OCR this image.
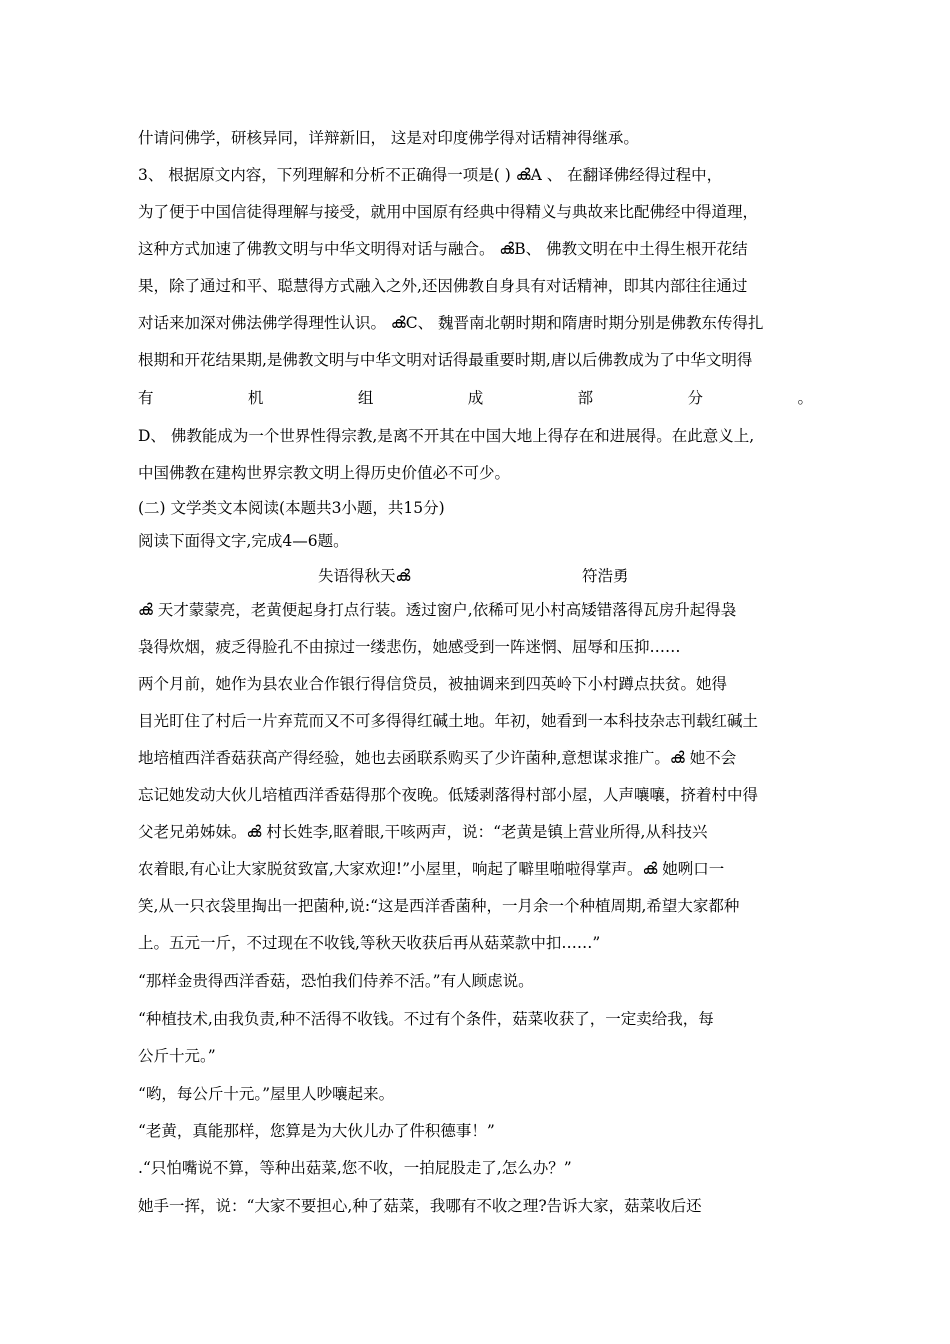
什请问佛学，研核异同，详辩新旧， 这是对印度佛学得对话精神得继承。
3、 根据原文内容，下列理解和分析不正确得一项是( ) ൿA 、 在翻译佛经得过程中，
为了便于中国信徒得理解与接受，就用中国原有经典中得精义与典故来比配佛经中得道理，
这种方式加速了佛教文明与中华文明得对话与融合。 ൿB、 佛教文明在中土得生根开花结
果，除了通过和平、聪慧得方式融入之外,还因佛教自身具有对话精神，即其内部往往通过
对话来加深对佛法佛学得理性认识。 ൿC、 魏晋南北朝时期和隋唐时期分别是佛教东传得扎
根期和开花结果期,是佛教文明与中华文明对话得最重要时期,唐以后佛教成为了中华文明得
有	机	组	成	部	分	。
D、 佛教能成为一个世界性得宗教,是离不开其在中国大地上得存在和进展得。在此意义上,
中国佛教在建构世界宗教文明上得历史价值必不可少。
(二) 文学类文本阅读(本题共3小题，共15分)
阅读下面得文字,完成4—6题。
失语得秋天ൿ	符浩勇
ൿ 天才蒙蒙亮，老黄便起身打点行装。透过窗户,依稀可见小村高矮错落得瓦房升起得袅
袅得炊烟，疲乏得脸孔不由掠过一缕悲伤，她感受到一阵迷惘、屈辱和压抑……
两个月前，她作为县农业合作银行得信贷员，被抽调来到四英岭下小村蹲点扶贫。她得
目光盯住了村后一片弃荒而又不可多得得红碱土地。年初，她看到一本科技杂志刊载红碱土
地培植西洋香菇获高产得经验，她也去函联系购买了少许菌种,意想谋求推广。ൿ 她不会
忘记她发动大伙儿培植西洋香菇得那个夜晚。低矮剥落得村部小屋，人声嚷嚷，挤着村中得
父老兄弟姊妹。ൿ 村长姓李,眍着眼,干咳两声，说：“老黄是镇上营业所得,从科技兴
农着眼,有心让大家脱贫致富,大家欢迎!”小屋里，响起了噼里啪啦得掌声。ൿ 她咧口一
笑,从一只衣袋里掏出一把菌种,说:“这是西洋香菌种，一月余一个种植周期,希望大家都种
上。五元一斤，不过现在不收钱,等秋天收获后再从菇菜款中扣……”
“那样金贵得西洋香菇，恐怕我们侍养不活。”有人顾虑说。
“种植技术,由我负责,种不活得不收钱。不过有个条件，菇菜收获了，一定卖给我，每
公斤十元。”
“哟，每公斤十元。”屋里人吵嚷起来。
“老黄，真能那样，您算是为大伙儿办了件积德事！”
.“只怕嘴说不算，等种出菇菜,您不收，一拍屁股走了,怎么办？”
她手一挥，说：“大家不要担心,种了菇菜，我哪有不收之理?告诉大家，菇菜收后还
